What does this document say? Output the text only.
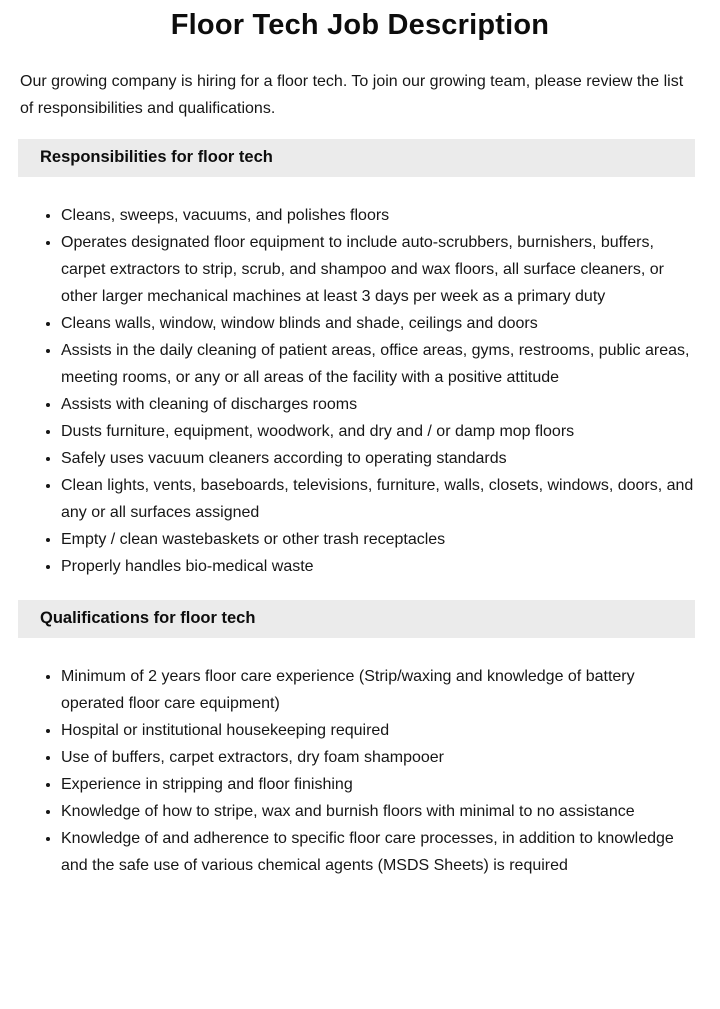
Floor Tech Job Description

Our growing company is hiring for a floor tech. To join our growing team, please review the list of responsibilities and qualifications.

Responsibilities for floor tech
• Cleans, sweeps, vacuums, and polishes floors
• Operates designated floor equipment to include auto-scrubbers, burnishers, buffers, carpet extractors to strip, scrub, and shampoo and wax floors, all surface cleaners, or other larger mechanical machines at least 3 days per week as a primary duty
• Cleans walls, window, window blinds and shade, ceilings and doors
• Assists in the daily cleaning of patient areas, office areas, gyms, restrooms, public areas, meeting rooms, or any or all areas of the facility with a positive attitude
• Assists with cleaning of discharges rooms
• Dusts furniture, equipment, woodwork, and dry and / or damp mop floors
• Safely uses vacuum cleaners according to operating standards
• Clean lights, vents, baseboards, televisions, furniture, walls, closets, windows, doors, and any or all surfaces assigned
• Empty / clean wastebaskets or other trash receptacles
• Properly handles bio-medical waste
Qualifications for floor tech
• Minimum of 2 years floor care experience (Strip/waxing and knowledge of battery operated floor care equipment)
• Hospital or institutional housekeeping required
• Use of buffers, carpet extractors, dry foam shampooer
• Experience in stripping and floor finishing
• Knowledge of how to stripe, wax and burnish floors with minimal to no assistance
• Knowledge of and adherence to specific floor care processes, in addition to knowledge and the safe use of various chemical agents (MSDS Sheets) is required
